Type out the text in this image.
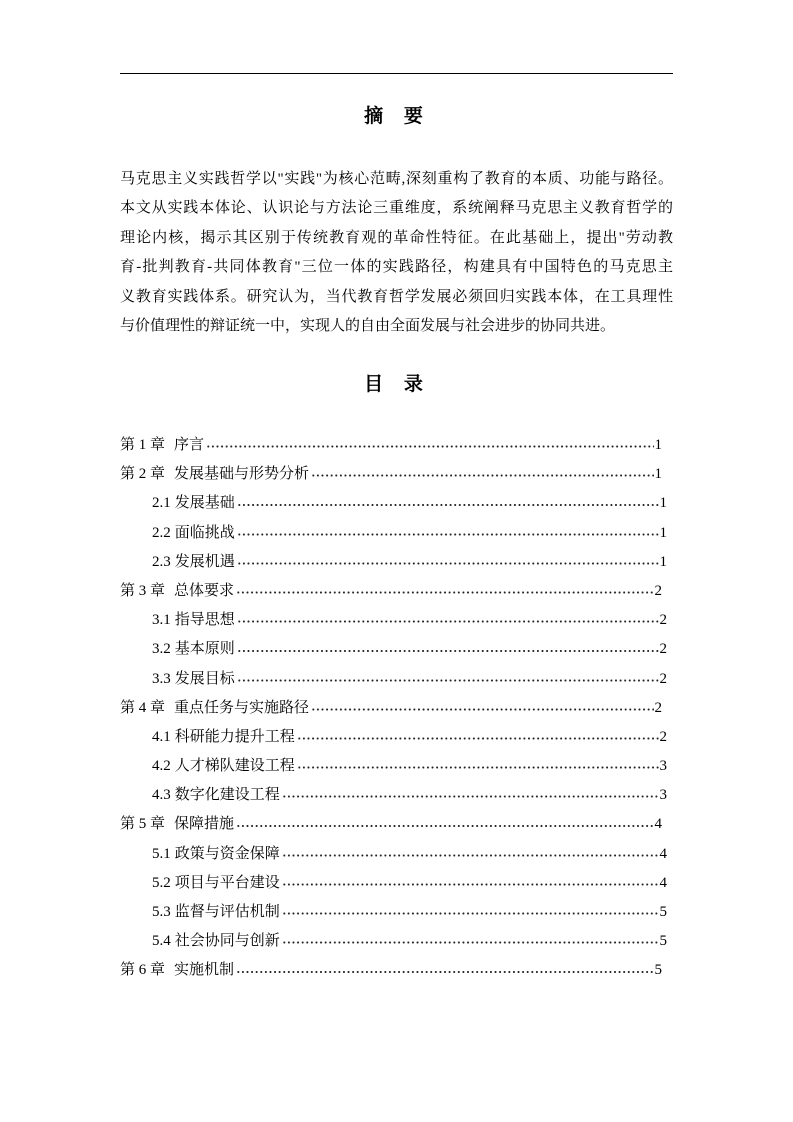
摘 要
马克思主义实践哲学以"实践"为核心范畴,深刻重构了教育的本质、功能与路径。
本文从实践本体论、认识论与方法论三重维度，系统阐释马克思主义教育哲学的
理论内核，揭示其区别于传统教育观的革命性特征。在此基础上，提出"劳动教
育-批判教育-共同体教育"三位一体的实践路径，构建具有中国特色的马克思主
义教育实践体系。研究认为，当代教育哲学发展必须回归实践本体，在工具理性
与价值理性的辩证统一中，实现人的自由全面发展与社会进步的协同共进。
目 录
第 1 章 序言	1
第 2 章 发展基础与形势分析	1
2.1 发展基础	1
2.2 面临挑战	1
2.3 发展机遇	1
第 3 章 总体要求	2
3.1 指导思想	2
3.2 基本原则	2
3.3 发展目标	2
第 4 章 重点任务与实施路径	2
4.1 科研能力提升工程	2
4.2 人才梯队建设工程	3
4.3 数字化建设工程	3
第 5 章 保障措施	4
5.1 政策与资金保障	4
5.2 项目与平台建设	4
5.3 监督与评估机制	5
5.4 社会协同与创新	5
第 6 章 实施机制	5
